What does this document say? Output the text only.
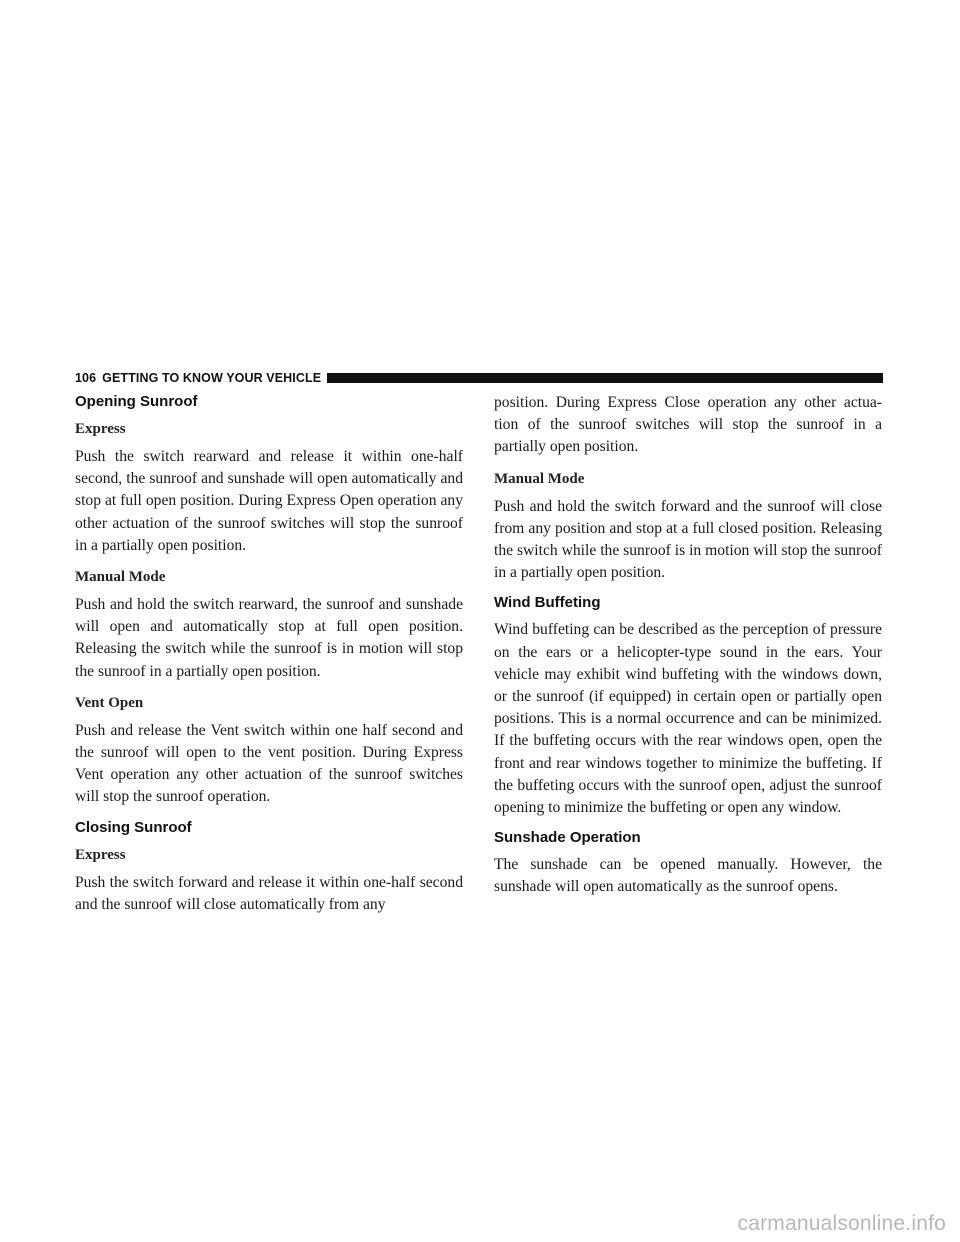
106 GETTING TO KNOW YOUR VEHICLE
Opening Sunroof
Express

Push the switch rearward and release it within one-half second, the sunroof and sunshade will open automatically and stop at full open position. During Express Open operation any other actuation of the sunroof switches will stop the sunroof in a partially open position.

Manual Mode

Push and hold the switch rearward, the sunroof and sunshade will open and automatically stop at full open position. Releasing the switch while the sunroof is in motion will stop the sunroof in a partially open position.

Vent Open

Push and release the Vent switch within one half second and the sunroof will open to the vent position. During Express Vent operation any other actuation of the sunroof switches will stop the sunroof operation.

Closing Sunroof
Express

Push the switch forward and release it within one-half second and the sunroof will close automatically from any

position. During Express Close operation any other actua- tion of the sunroof switches will stop the sunroof in a partially open position.

Manual Mode

Push and hold the switch forward and the sunroof will close from any position and stop at a full closed position. Releasing the switch while the sunroof is in motion will stop the sunroof in a partially open position.

Wind Buffeting

Wind buffeting can be described as the perception of pressure on the ears or a helicopter-type sound in the ears. Your vehicle may exhibit wind buffeting with the windows down, or the sunroof (if equipped) in certain open or partially open positions. This is a normal occurrence and can be minimized. If the buffeting occurs with the rear windows open, open the front and rear windows together to minimize the buffeting. If the buffeting occurs with the sunroof open, adjust the sunroof opening to minimize the buffeting or open any window.

Sunshade Operation

The sunshade can be opened manually. However, the sunshade will open automatically as the sunroof opens.

carmanualsonline.info
